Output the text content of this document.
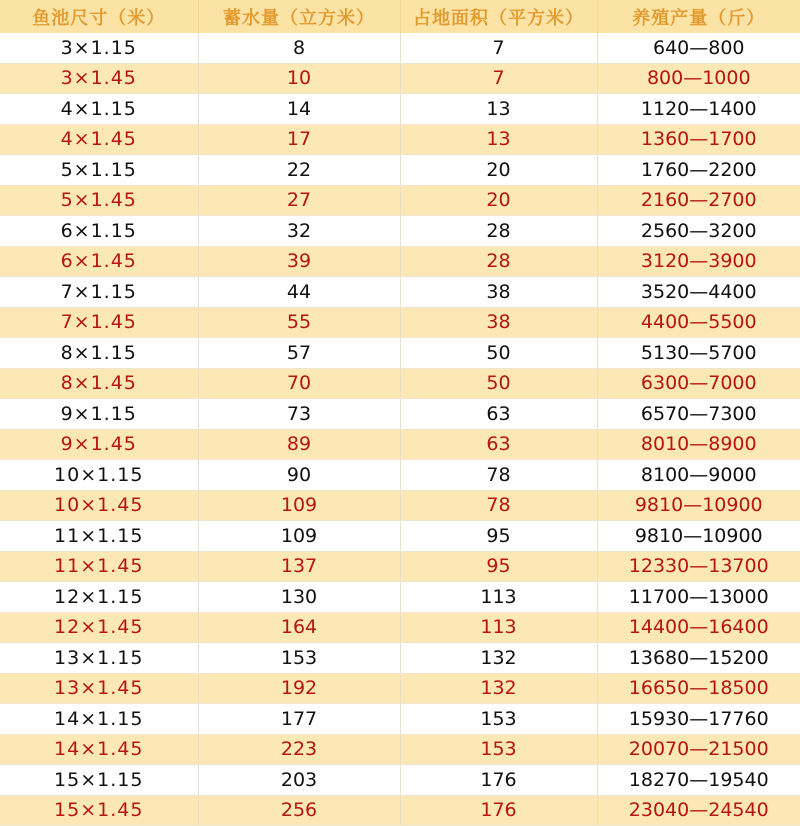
鱼池尺寸（米）	蓄水量（立方米）	占地面积（平方米）	养殖产量（斤）
3×1.15	8	7	640—800
3×1.45	10	7	800—1000
4×1.15	14	13	1120—1400
4×1.45	17	13	1360—1700
5×1.15	22	20	1760—2200
5×1.45	27	20	2160—2700
6×1.15	32	28	2560—3200
6×1.45	39	28	3120—3900
7×1.15	44	38	3520—4400
7×1.45	55	38	4400—5500
8×1.15	57	50	5130—5700
8×1.45	70	50	6300—7000
9×1.15	73	63	6570—7300
9×1.45	89	63	8010—8900
10×1.15	90	78	8100—9000
10×1.45	109	78	9810—10900
11×1.15	109	95	9810—10900
11×1.45	137	95	12330—13700
12×1.15	130	113	11700—13000
12×1.45	164	113	14400—16400
13×1.15	153	132	13680—15200
13×1.45	192	132	16650—18500
14×1.15	177	153	15930—17760
14×1.45	223	153	20070—21500
15×1.15	203	176	18270—19540
15×1.45	256	176	23040—24540
